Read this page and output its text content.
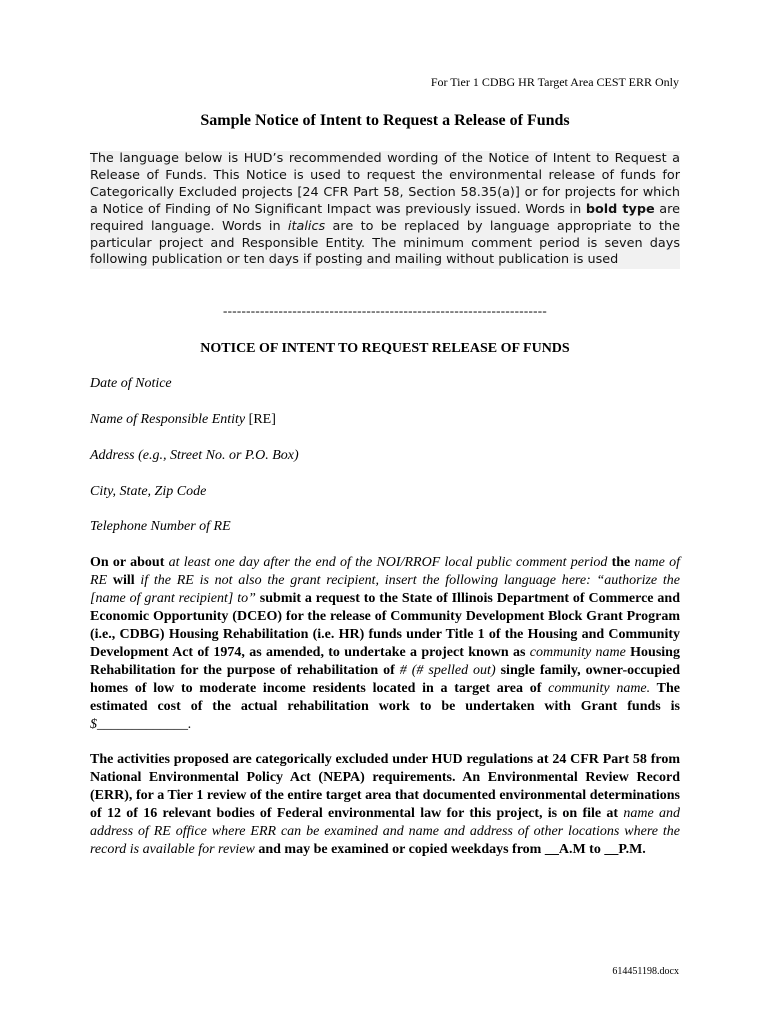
For Tier 1 CDBG HR Target Area CEST ERR Only
Sample Notice of Intent to Request a Release of Funds
The language below is HUD’s recommended wording of the Notice of Intent to Request a Release of Funds. This Notice is used to request the environmental release of funds for Categorically Excluded projects [24 CFR Part 58, Section 58.35(a)] or for projects for which a Notice of Finding of No Significant Impact was previously issued. Words in bold type are required language. Words in italics are to be replaced by language appropriate to the particular project and Responsible Entity. The minimum comment period is seven days following publication or ten days if posting and mailing without publication is used
----------------------------------------------------------------------
NOTICE OF INTENT TO REQUEST RELEASE OF FUNDS
Date of Notice
Name of Responsible Entity [RE]
Address (e.g., Street No. or P.O. Box)
City, State, Zip Code
Telephone Number of RE
On or about at least one day after the end of the NOI/RROF local public comment period the name of RE will if the RE is not also the grant recipient, insert the following language here: “authorize the [name of grant recipient] to” submit a request to the State of Illinois Department of Commerce and Economic Opportunity (DCEO) for the release of Community Development Block Grant Program (i.e., CDBG) Housing Rehabilitation (i.e. HR) funds under Title 1 of the Housing and Community Development Act of 1974, as amended, to undertake a project known as community name Housing Rehabilitation for the purpose of rehabilitation of # (# spelled out) single family, owner-occupied homes of low to moderate income residents located in a target area of community name. The estimated cost of the actual rehabilitation work to be undertaken with Grant funds is $_____________.
The activities proposed are categorically excluded under HUD regulations at 24 CFR Part 58 from National Environmental Policy Act (NEPA) requirements. An Environmental Review Record (ERR), for a Tier 1 review of the entire target area that documented environmental determinations of 12 of 16 relevant bodies of Federal environmental law for this project, is on file at name and address of RE office where ERR can be examined and name and address of other locations where the record is available for review and may be examined or copied weekdays from __A.M to __P.M.
614451198.docx
